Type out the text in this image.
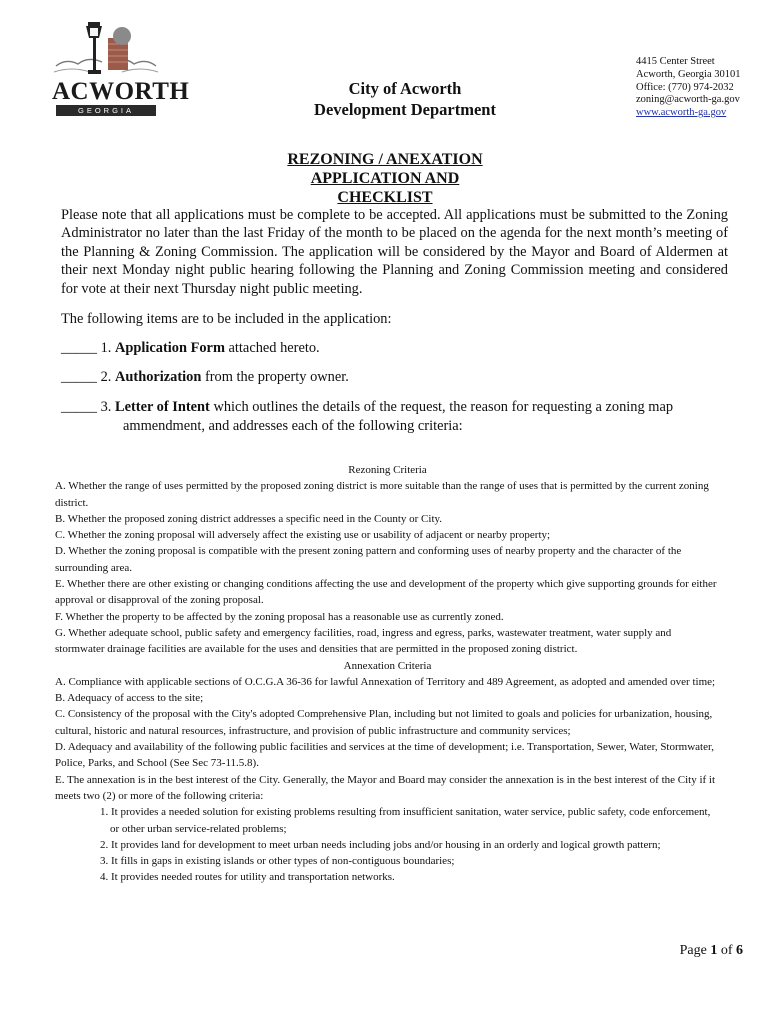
ACWORTH
GEORGIA
City of Acworth
Development Department
4415 Center Street
Acworth, Georgia 30101
Office: (770) 974-2032
zoning@acworth-ga.gov
www.acworth-ga.gov
REZONING / ANEXATION
APPLICATION AND
CHECKLIST
Please note that all applications must be complete to be accepted. All applications must be submitted to the Zoning Administrator no later than the last Friday of the month to be placed on the agenda for the next month’s meeting of the Planning & Zoning Commission. The application will be considered by the Mayor and Board of Aldermen at their next Monday night public hearing following the Planning and Zoning Commission meeting and considered for vote at their next Thursday night public meeting.
The following items are to be included in the application:
_____ 1. Application Form attached hereto.
_____ 2. Authorization from the property owner.
_____ 3. Letter of Intent which outlines the details of the request, the reason for requesting a zoning map
ammendment, and addresses each of the following criteria:
Rezoning Criteria
A. Whether the range of uses permitted by the proposed zoning district is more suitable than the range of uses that is permitted by the current zoning district.
B. Whether the proposed zoning district addresses a specific need in the County or City.
C. Whether the zoning proposal will adversely affect the existing use or usability of adjacent or nearby property;
D. Whether the zoning proposal is compatible with the present zoning pattern and conforming uses of nearby property and the character of the surrounding area.
E. Whether there are other existing or changing conditions affecting the use and development of the property which give supporting grounds for either approval or disapproval of the zoning proposal.
F. Whether the property to be affected by the zoning proposal has a reasonable use as currently zoned.
G. Whether adequate school, public safety and emergency facilities, road, ingress and egress, parks, wastewater treatment, water supply and stormwater drainage facilities are available for the uses and densities that are permitted in the proposed zoning district.
Annexation Criteria
A. Compliance with applicable sections of O.C.G.A 36-36 for lawful Annexation of Territory and 489 Agreement, as adopted and amended over time;
B. Adequacy of access to the site;
C. Consistency of the proposal with the City's adopted Comprehensive Plan, including but not limited to goals and policies for urbanization, housing, cultural, historic and natural resources, infrastructure, and provision of public infrastructure and community services;
D. Adequacy and availability of the following public facilities and services at the time of development; i.e. Transportation, Sewer, Water, Stormwater, Police, Parks, and School (See Sec 73-11.5.8).
E. The annexation is in the best interest of the City. Generally, the Mayor and Board may consider the annexation is in the best interest of the City if it meets two (2) or more of the following criteria:
1. It provides a needed solution for existing problems resulting from insufficient sanitation, water service, public safety, code enforcement, or other urban service-related problems;
2. It provides land for development to meet urban needs including jobs and/or housing in an orderly and logical growth pattern;
3. It fills in gaps in existing islands or other types of non-contiguous boundaries;
4. It provides needed routes for utility and transportation networks.
Page 1 of 6
